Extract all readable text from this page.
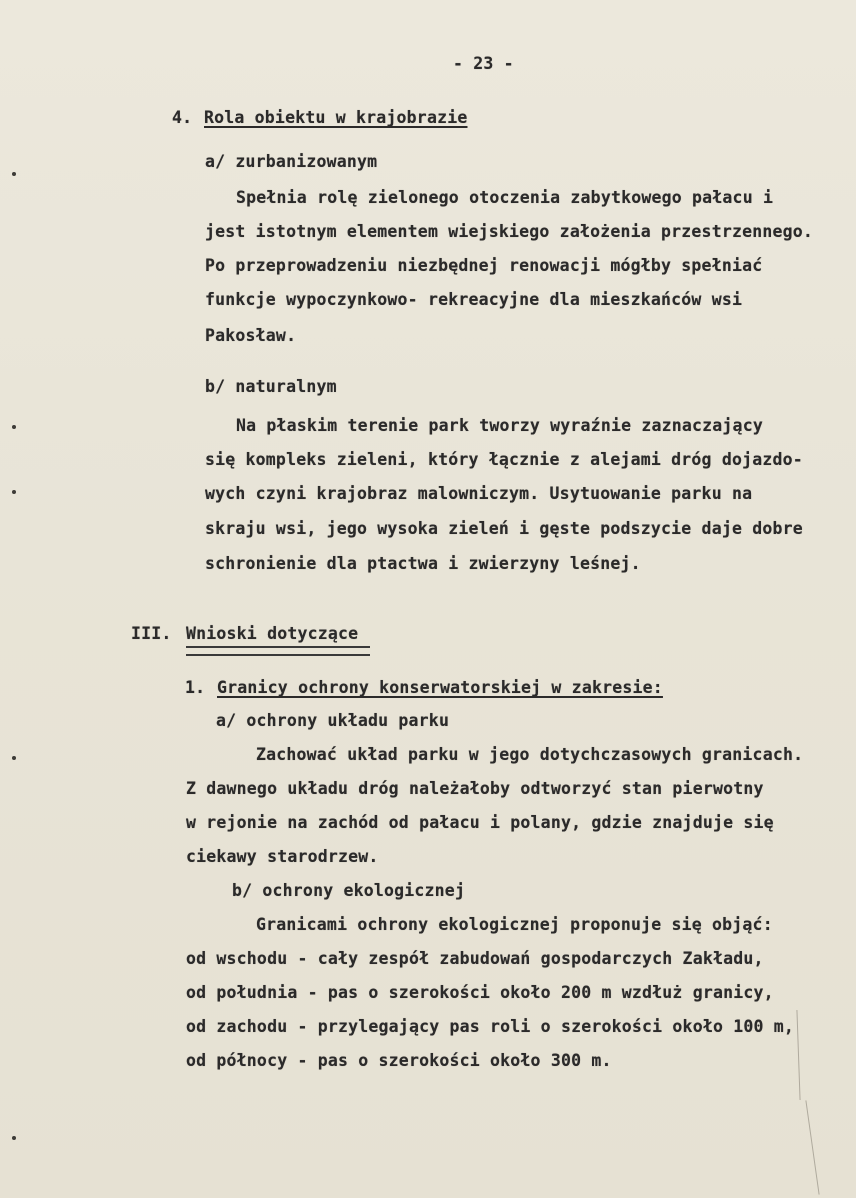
- 23 -
4. Rola obiektu w krajobrazie
a/ zurbanizowanym
Spełnia rolę zielonego otoczenia zabytkowego pałacu i
jest istotnym elementem wiejskiego założenia przestrzennego.
Po przeprowadzeniu niezbędnej renowacji mógłby spełniać
funkcje wypoczynkowo- rekreacyjne dla mieszkańców wsi
Pakosław.
b/ naturalnym
Na płaskim terenie park tworzy wyraźnie zaznaczający
się kompleks zieleni, który łącznie z alejami dróg dojazdo-
wych czyni krajobraz malowniczym. Usytuowanie parku na
skraju wsi, jego wysoka zieleń i gęste podszycie daje dobre
schronienie dla ptactwa i zwierzyny leśnej.
III. Wnioski dotyczące
1. Granicy ochrony konserwatorskiej w zakresie:
a/ ochrony układu parku
Zachować układ parku w jego dotychczasowych granicach.
Z dawnego układu dróg należałoby odtworzyć stan pierwotny
w rejonie na zachód od pałacu i polany, gdzie znajduje się
ciekawy starodrzew.
b/ ochrony ekologicznej
Granicami ochrony ekologicznej proponuje się objąć:
od wschodu - cały zespół zabudowań gospodarczych Zakładu,
od południa - pas o szerokości około 200 m wzdłuż granicy,
od zachodu - przylegający pas roli o szerokości około 100 m,
od północy - pas o szerokości około 300 m.
